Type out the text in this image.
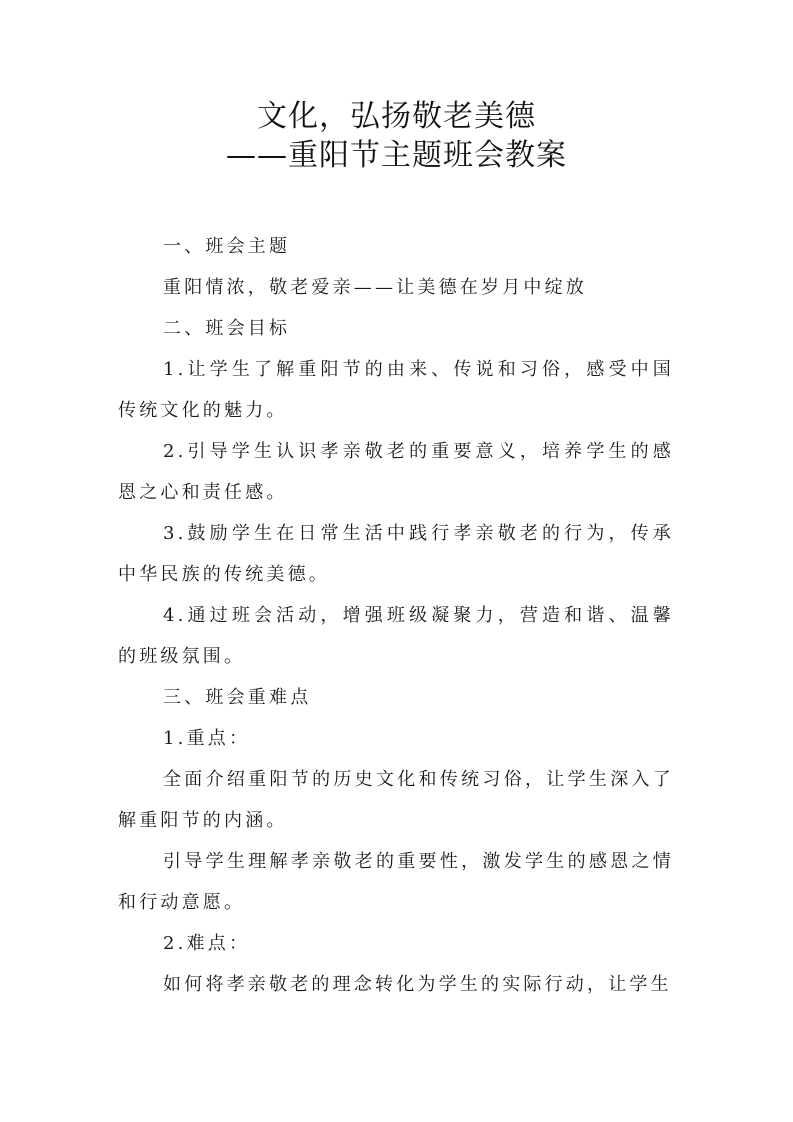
文化，弘扬敬老美德
——重阳节主题班会教案

一、班会主题

重阳情浓，敬老爱亲——让美德在岁月中绽放

二、班会目标

1.让学生了解重阳节的由来、传说和习俗，感受中国传统文化的魅力。

2.引导学生认识孝亲敬老的重要意义，培养学生的感恩之心和责任感。

3.鼓励学生在日常生活中践行孝亲敬老的行为，传承中华民族的传统美德。

4.通过班会活动，增强班级凝聚力，营造和谐、温馨的班级氛围。

三、班会重难点

1.重点：

全面介绍重阳节的历史文化和传统习俗，让学生深入了解重阳节的内涵。

引导学生理解孝亲敬老的重要性，激发学生的感恩之情和行动意愿。

2.难点：

如何将孝亲敬老的理念转化为学生的实际行动，让学生
